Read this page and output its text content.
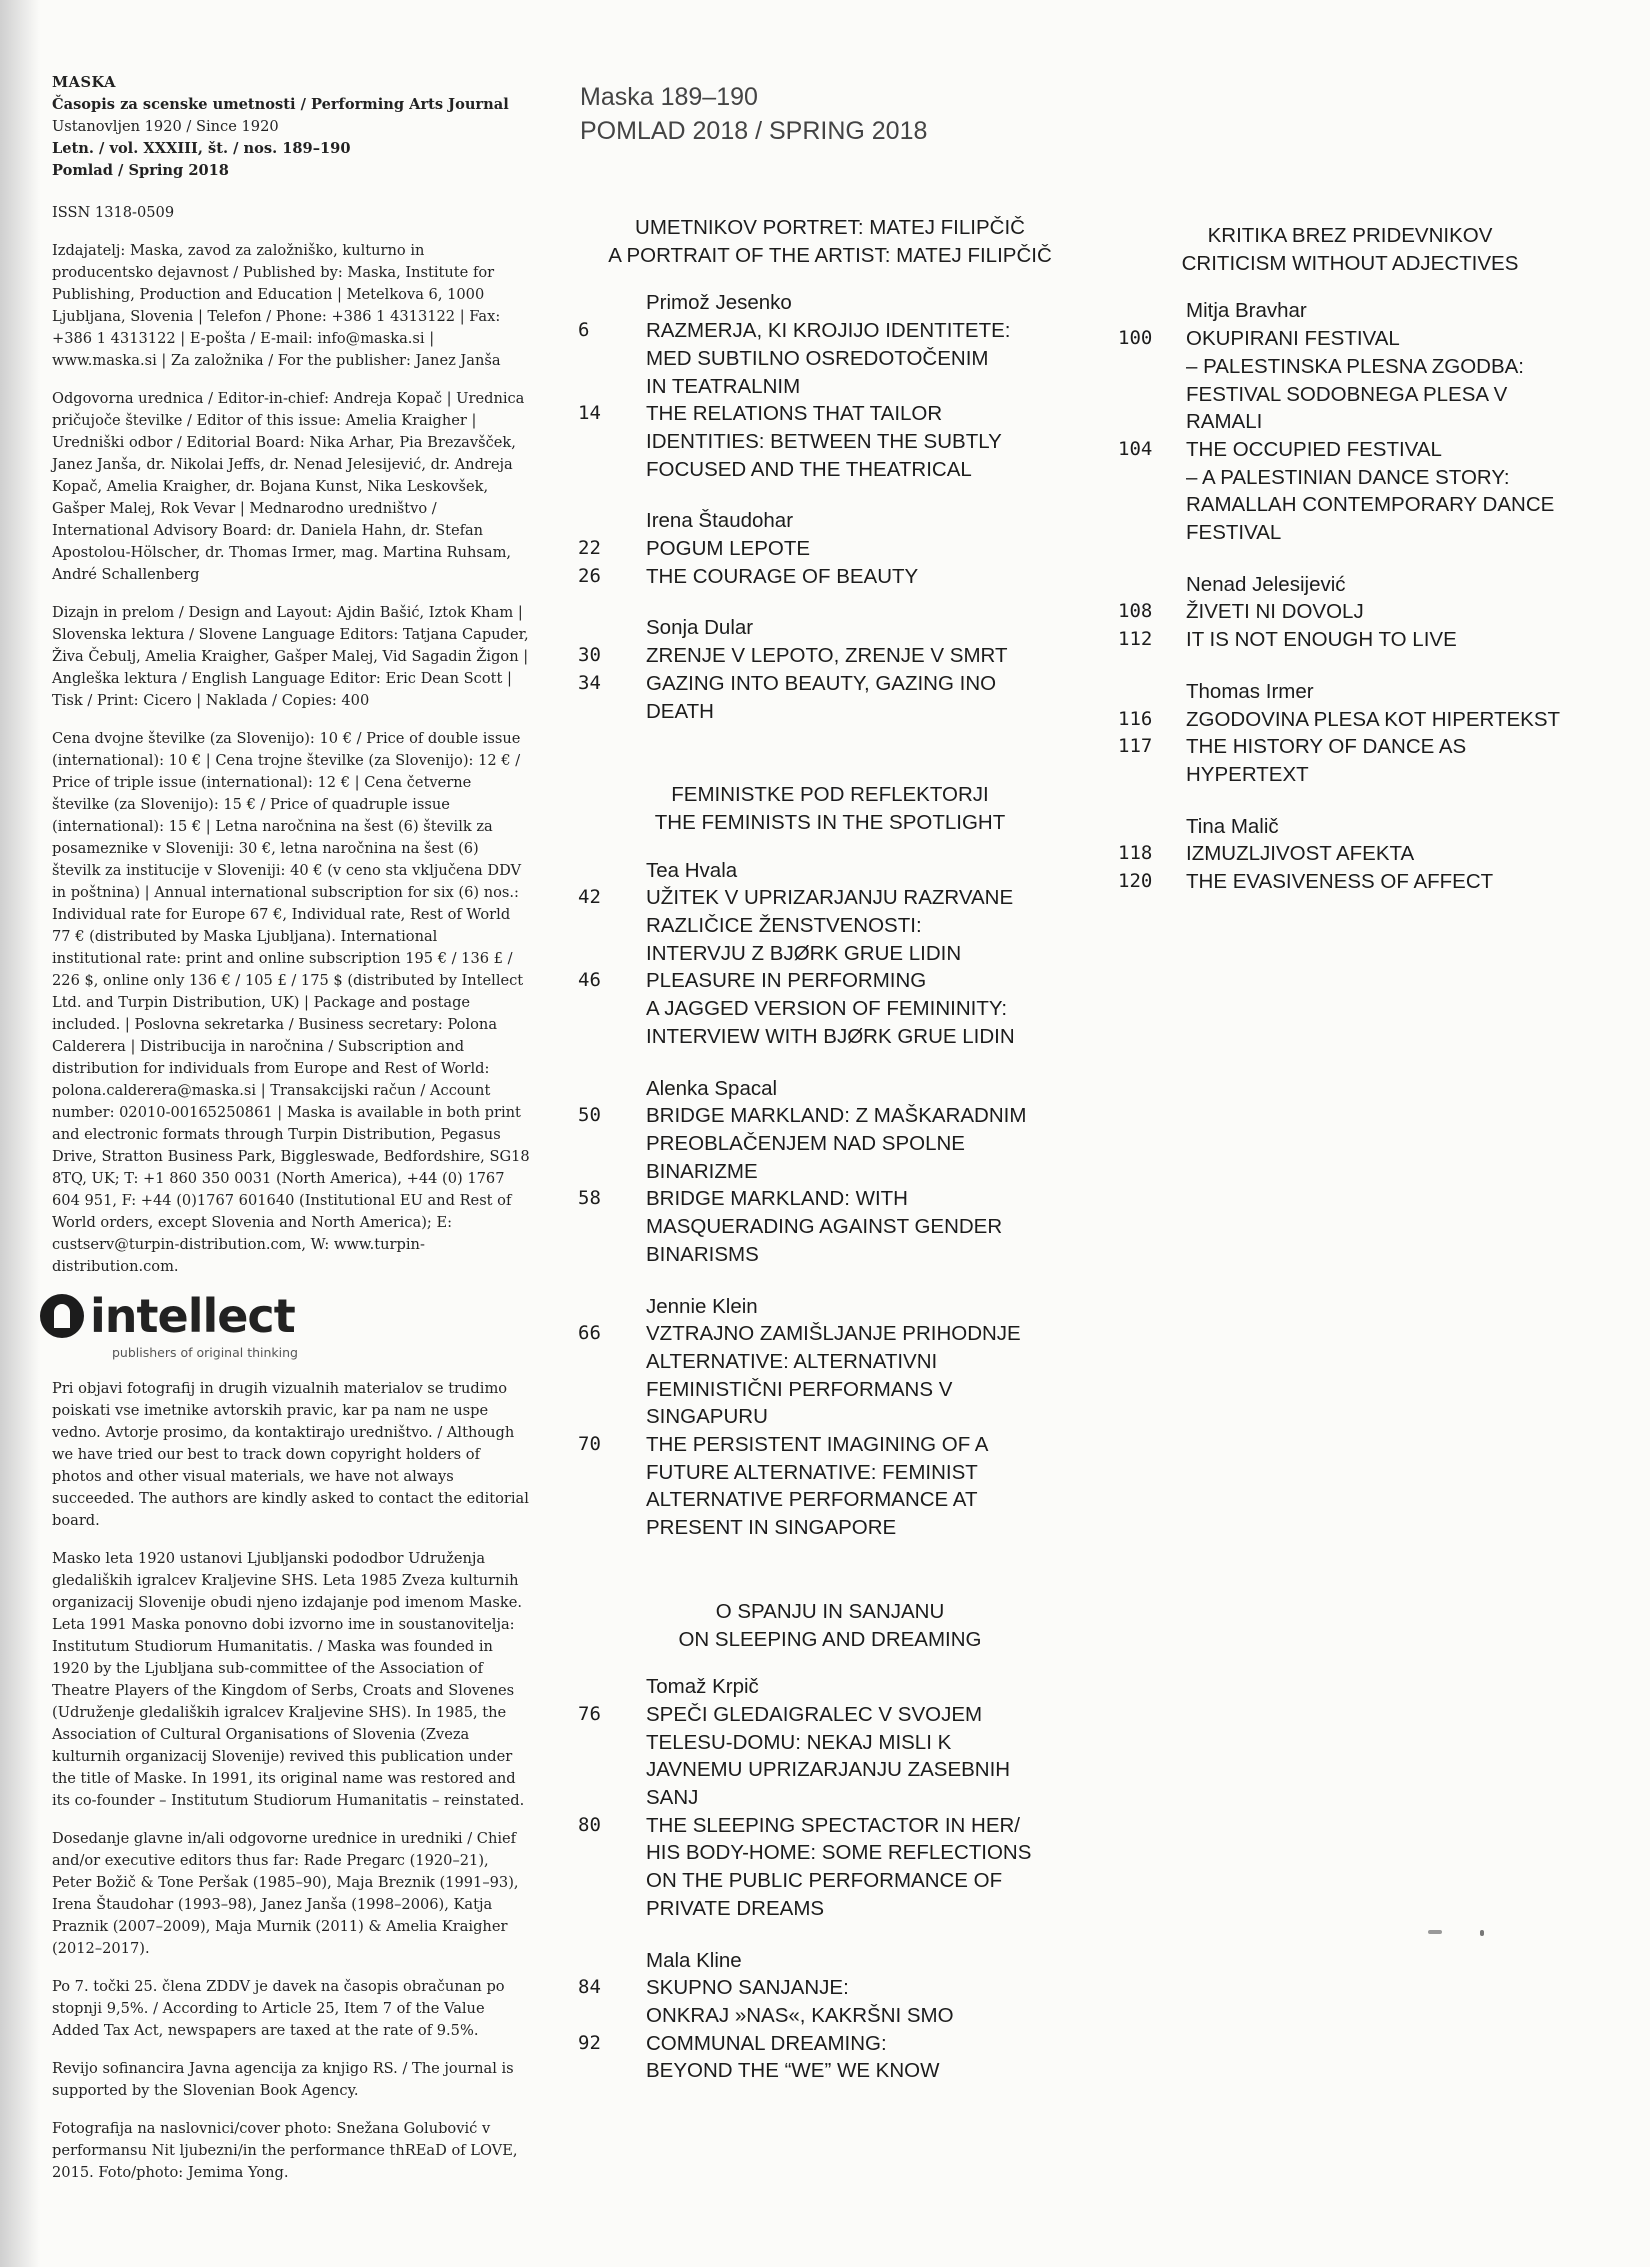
MASKA
Časopis za scenske umetnosti / Performing Arts Journal
Ustanovljen 1920 / Since 1920
Letn. / vol. XXXIII, št. / nos. 189–190
Pomlad / Spring 2018

ISSN 1318-0509

Izdajatelj: Maska, zavod za založniško, kulturno in producentsko dejavnost / Published by: Maska, Institute for Publishing, Production and Education | Metelkova 6, 1000 Ljubljana, Slovenia | Telefon / Phone: +386 1 4313122 | Fax: +386 1 4313122 | E-pošta / E-mail: info@maska.si | www.maska.si | Za založnika / For the publisher: Janez Janša

Odgovorna urednica / Editor-in-chief: Andreja Kopač | Urednica pričujoče številke / Editor of this issue: Amelia Kraigher | Uredniški odbor / Editorial Board: Nika Arhar, Pia Brezavšček, Janez Janša, dr. Nikolai Jeffs, dr. Nenad Jelesijević, dr. Andreja Kopač, Amelia Kraigher, dr. Bojana Kunst, Nika Leskovšek, Gašper Malej, Rok Vevar | Mednarodno uredništvo / International Advisory Board: dr. Daniela Hahn, dr. Stefan Apostolou-Hölscher, dr. Thomas Irmer, mag. Martina Ruhsam, André Schallenberg

Dizajn in prelom / Design and Layout: Ajdin Bašić, Iztok Kham | Slovenska lektura / Slovene Language Editors: Tatjana Capuder, Živa Čebulj, Amelia Kraigher, Gašper Malej, Vid Sagadin Žigon | Angleška lektura / English Language Editor: Eric Dean Scott | Tisk / Print: Cicero | Naklada / Copies: 400

Cena dvojne številke (za Slovenijo): 10 € / Price of double issue (international): 10 € | Cena trojne številke (za Slovenijo): 12 € / Price of triple issue (international): 12 € | Cena četverne številke (za Slovenijo): 15 € / Price of quadruple issue (international): 15 € | Letna naročnina na šest (6) številk za posameznike v Sloveniji: 30 €, letna naročnina na šest (6) številk za institucije v Sloveniji: 40 € (v ceno sta vključena DDV in poštnina) | Annual international subscription for six (6) nos.: Individual rate for Europe 67 €, Individual rate, Rest of World 77 € (distributed by Maska Ljubljana). International institutional rate: print and online subscription 195 € / 136 £ / 226 $, online only 136 € / 105 £ / 175 $ (distributed by Intellect Ltd. and Turpin Distribution, UK) | Package and postage included. | Poslovna sekretarka / Business secretary: Polona Calderera | Distribucija in naročnina / Subscription and distribution for individuals from Europe and Rest of World: polona.calderera@maska.si | Transakcijski račun / Account number: 02010-00165250861 | Maska is available in both print and electronic formats through Turpin Distribution, Pegasus Drive, Stratton Business Park, Biggleswade, Bedfordshire, SG18 8TQ, UK; T: +1 860 350 0031 (North America), +44 (0) 1767 604 951, F: +44 (0)1767 601640 (Institutional EU and Rest of World orders, except Slovenia and North America); E: custserv@turpin-distribution.com, W: www.turpin-distribution.com.

intellect
publishers of original thinking

Pri objavi fotografij in drugih vizualnih materialov se trudimo poiskati vse imetnike avtorskih pravic, kar pa nam ne uspe vedno. Avtorje prosimo, da kontaktirajo uredništvo. / Although we have tried our best to track down copyright holders of photos and other visual materials, we have not always succeeded. The authors are kindly asked to contact the editorial board.

Masko leta 1920 ustanovi Ljubljanski pododbor Udruženja gledaliških igralcev Kraljevine SHS. Leta 1985 Zveza kulturnih organizacij Slovenije obudi njeno izdajanje pod imenom Maske. Leta 1991 Maska ponovno dobi izvorno ime in soustanovitelja: Institutum Studiorum Humanitatis. / Maska was founded in 1920 by the Ljubljana sub-committee of the Association of Theatre Players of the Kingdom of Serbs, Croats and Slovenes (Udruženje gledaliških igralcev Kraljevine SHS). In 1985, the Association of Cultural Organisations of Slovenia (Zveza kulturnih organizacij Slovenije) revived this publication under the title of Maske. In 1991, its original name was restored and its co-founder – Institutum Studiorum Humanitatis – reinstated.

Dosedanje glavne in/ali odgovorne urednice in uredniki / Chief and/or executive editors thus far: Rade Pregarc (1920–21), Peter Božič & Tone Peršak (1985–90), Maja Breznik (1991–93), Irena Štaudohar (1993–98), Janez Janša (1998–2006), Katja Praznik (2007–2009), Maja Murnik (2011) & Amelia Kraigher (2012–2017).

Po 7. točki 25. člena ZDDV je davek na časopis obračunan po stopnji 9,5%. / According to Article 25, Item 7 of the Value Added Tax Act, newspapers are taxed at the rate of 9.5%.

Revijo sofinancira Javna agencija za knjigo RS. / The journal is supported by the Slovenian Book Agency.

Fotografija na naslovnici/cover photo: Snežana Golubović v performansu Nit ljubezni/in the performance thREaD of LOVE, 2015. Foto/photo: Jemima Yong.

Maska 189–190
POMLAD 2018 / SPRING 2018
UMETNIKOV PORTRET: MATEJ FILIPČIČ
A PORTRAIT OF THE ARTIST: MATEJ FILIPČIČ
Primož Jesenko
6	RAZMERJA, KI KROJIJO IDENTITETE:
MED SUBTILNO OSREDOTOČENIM
IN TEATRALNIM
14	THE RELATIONS THAT TAILOR
IDENTITIES: BETWEEN THE SUBTLY
FOCUSED AND THE THEATRICAL
Irena Štaudohar
22	POGUM LEPOTE
26	THE COURAGE OF BEAUTY
Sonja Dular
30	ZRENJE V LEPOTO, ZRENJE V SMRT
34	GAZING INTO BEAUTY, GAZING INO
DEATH
FEMINISTKE POD REFLEKTORJI
THE FEMINISTS IN THE SPOTLIGHT
Tea Hvala
42	UŽITEK V UPRIZARJANJU RAZRVANE
RAZLIČICE ŽENSTVENOSTI:
INTERVJU Z BJØRK GRUE LIDIN
46	PLEASURE IN PERFORMING
A JAGGED VERSION OF FEMININITY:
INTERVIEW WITH BJØRK GRUE LIDIN
Alenka Spacal
50	BRIDGE MARKLAND: Z MAŠKARADNIM
PREOBLAČENJEM NAD SPOLNE
BINARIZME
58	BRIDGE MARKLAND: WITH
MASQUERADING AGAINST GENDER
BINARISMS
Jennie Klein
66	VZTRAJNO ZAMIŠLJANJE PRIHODNJE
ALTERNATIVE: ALTERNATIVNI
FEMINISTIČNI PERFORMANS V
SINGAPURU
70	THE PERSISTENT IMAGINING OF A
FUTURE ALTERNATIVE: FEMINIST
ALTERNATIVE PERFORMANCE AT
PRESENT IN SINGAPORE
O SPANJU IN SANJANU
ON SLEEPING AND DREAMING
Tomaž Krpič
76	SPEČI GLEDAIGRALEC V SVOJEM
TELESU-DOMU: NEKAJ MISLI K
JAVNEMU UPRIZARJANJU ZASEBNIH
SANJ
80	THE SLEEPING SPECTACTOR IN HER/
HIS BODY-HOME: SOME REFLECTIONS
ON THE PUBLIC PERFORMANCE OF
PRIVATE DREAMS
Mala Kline
84	SKUPNO SANJANJE:
ONKRAJ »NAS«, KAKRŠNI SMO
92	COMMUNAL DREAMING:
BEYOND THE “WE” WE KNOW
KRITIKA BREZ PRIDEVNIKOV
CRITICISM WITHOUT ADJECTIVES
Mitja Bravhar
100	OKUPIRANI FESTIVAL
– PALESTINSKA PLESNA ZGODBA:
FESTIVAL SODOBNEGA PLESA V
RAMALI
104	THE OCCUPIED FESTIVAL
– A PALESTINIAN DANCE STORY:
RAMALLAH CONTEMPORARY DANCE
FESTIVAL
Nenad Jelesijević
108	ŽIVETI NI DOVOLJ
112	IT IS NOT ENOUGH TO LIVE
Thomas Irmer
116	ZGODOVINA PLESA KOT HIPERTEKST
117	THE HISTORY OF DANCE AS
HYPERTEXT
Tina Malič
118	IZMUZLJIVOST AFEKTA
120	THE EVASIVENESS OF AFFECT
